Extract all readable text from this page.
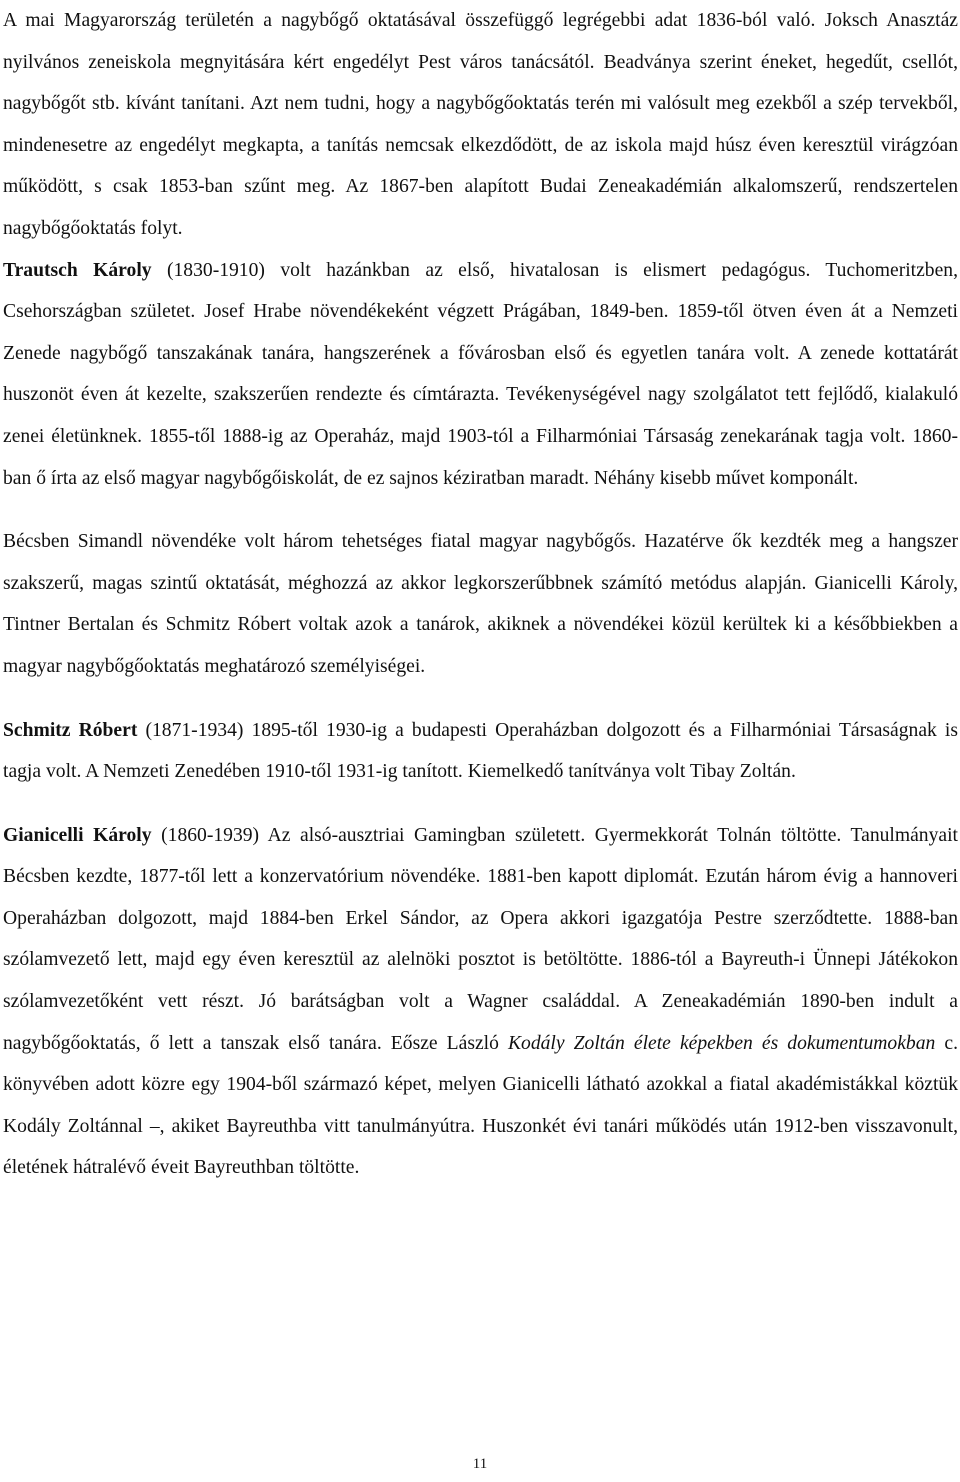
A mai Magyarország területén a nagybőgő oktatásával összefüggő legrégebbi adat 1836-ból való. Joksch Anasztáz nyilvános zeneiskola megnyitására kért engedélyt Pest város tanácsától. Beadványa szerint éneket, hegedűt, csellót, nagybőgőt stb. kívánt tanítani. Azt nem tudni, hogy a nagybőgőoktatás terén mi valósult meg ezekből a szép tervekből, mindenesetre az engedélyt megkapta, a tanítás nemcsak elkezdődött, de az iskola majd húsz éven keresztül virágzóan működött, s csak 1853-ban szűnt meg. Az 1867-ben alapított Budai Zeneakadémián alkalomszerű, rendszertelen nagybőgőoktatás folyt.

Trautsch Károly (1830-1910) volt hazánkban az első, hivatalosan is elismert pedagógus. Tuchomeritzben, Csehországban születet. Josef Hrabe növendékeként végzett Prágában, 1849-ben. 1859-től ötven éven át a Nemzeti Zenede nagybőgő tanszakának tanára, hangszerének a fővárosban első és egyetlen tanára volt. A zenede kottatárát huszonöt éven át kezelte, szakszerűen rendezte és címtárazta. Tevékenységével nagy szolgálatot tett fejlődő, kialakuló zenei életünknek. 1855-től 1888-ig az Operaház, majd 1903-tól a Filharmóniai Társaság zenekarának tagja volt. 1860-ban ő írta az első magyar nagybőgőiskolát, de ez sajnos kéziratban maradt. Néhány kisebb művet komponált.

Bécsben Simandl növendéke volt három tehetséges fiatal magyar nagybőgős. Hazatérve ők kezdték meg a hangszer szakszerű, magas szintű oktatását, méghozzá az akkor legkorszerűbbnek számító metódus alapján. Gianicelli Károly, Tintner Bertalan és Schmitz Róbert voltak azok a tanárok, akiknek a növendékei közül kerültek ki a későbbiekben a magyar nagybőgőoktatás meghatározó személyiségei.

Schmitz Róbert (1871-1934) 1895-től 1930-ig a budapesti Operaházban dolgozott és a Filharmóniai Társaságnak is tagja volt. A Nemzeti Zenedében 1910-től 1931-ig tanított. Kiemelkedő tanítványa volt Tibay Zoltán.

Gianicelli Károly (1860-1939) Az alsó-ausztriai Gamingban született. Gyermekkorát Tolnán töltötte. Tanulmányait Bécsben kezdte, 1877-től lett a konzervatórium növendéke. 1881-ben kapott diplomát. Ezután három évig a hannoveri Operaházban dolgozott, majd 1884-ben Erkel Sándor, az Opera akkori igazgatója Pestre szerződtette. 1888-ban szólamvezető lett, majd egy éven keresztül az alelnöki posztot is betöltötte. 1886-tól a Bayreuth-i Ünnepi Játékokon szólamvezetőként vett részt. Jó barátságban volt a Wagner családdal. A Zeneakadémián 1890-ben indult a nagybőgőoktatás, ő lett a tanszak első tanára. Eősze László Kodály Zoltán élete képekben és dokumentumokban c. könyvében adott közre egy 1904-ből származó képet, melyen Gianicelli látható azokkal a fiatal akadémistákkal köztük Kodály Zoltánnal –, akiket Bayreuthba vitt tanulmányútra. Huszonkét évi tanári működés után 1912-ben visszavonult, életének hátralévő éveit Bayreuthban töltötte.

11
